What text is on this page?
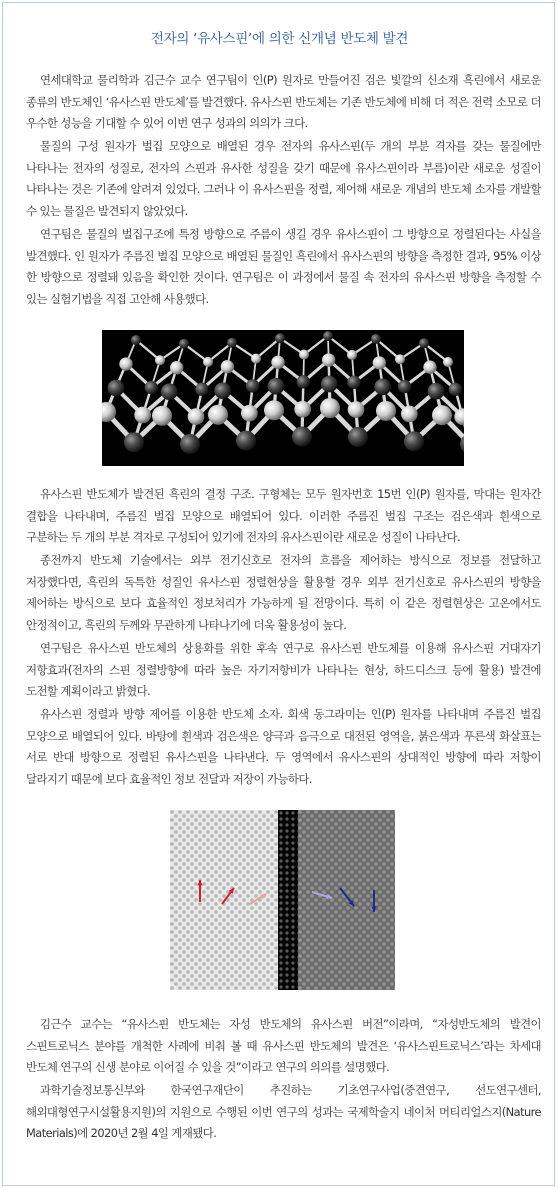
전자의 ‘유사스핀’에 의한 신개념 반도체 발견

연세대학교 물리학과 김근수 교수 연구팀이 인(P) 원자로 만들어진 검은 빛깔의 신소재 흑린에서 새로운 종류의 반도체인 ‘유사스핀 반도체’를 발견했다. 유사스핀 반도체는 기존 반도체에 비해 더 적은 전력 소모로 더 우수한 성능을 기대할 수 있어 이번 연구 성과의 의의가 크다.

물질의 구성 원자가 벌집 모양으로 배열된 경우 전자의 유사스핀(두 개의 부분 격자를 갖는 물질에만 나타나는 전자의 성질로, 전자의 스핀과 유사한 성질을 갖기 때문에 유사스핀이라 부름)이란 새로운 성질이 나타나는 것은 기존에 알려져 있었다. 그러나 이 유사스핀을 정렬, 제어해 새로운 개념의 반도체 소자를 개발할 수 있는 물질은 발견되지 않았었다.

연구팀은 물질의 벌집구조에 특정 방향으로 주름이 생길 경우 유사스핀이 그 방향으로 정렬된다는 사실을 발견했다. 인 원자가 주름진 벌집 모양으로 배열된 물질인 흑린에서 유사스핀의 방향을 측정한 결과, 95% 이상 한 방향으로 정렬돼 있음을 확인한 것이다. 연구팀은 이 과정에서 물질 속 전자의 유사스핀 방향을 측정할 수 있는 실험기법을 직접 고안해 사용했다.

유사스핀 반도체가 발견된 흑린의 결정 구조. 구형체는 모두 원자번호 15번 인(P) 원자를, 막대는 원자간 결합을 나타내며, 주름진 벌집 모양으로 배열되어 있다. 이러한 주름진 벌집 구조는 검은색과 흰색으로 구분하는 두 개의 부분 격자로 구성되어 있기에 전자의 유사스핀이란 새로운 성질이 나타난다.

종전까지 반도체 기술에서는 외부 전기신호로 전자의 흐름을 제어하는 방식으로 정보를 전달하고 저장했다면, 흑린의 독특한 성질인 유사스핀 정렬현상을 활용할 경우 외부 전기신호로 유사스핀의 방향을 제어하는 방식으로 보다 효율적인 정보처리가 가능하게 될 전망이다. 특히 이 같은 정렬현상은 고온에서도 안정적이고, 흑린의 두께와 무관하게 나타나기에 더욱 활용성이 높다.

연구팀은 유사스핀 반도체의 상용화를 위한 후속 연구로 유사스핀 반도체를 이용해 유사스핀 거대자기 저항효과(전자의 스핀 정렬방향에 따라 높은 자기저항비가 나타나는 현상, 하드디스크 등에 활용) 발견에 도전할 계획이라고 밝혔다.

유사스핀 정렬과 방향 제어를 이용한 반도체 소자. 회색 동그라미는 인(P) 원자를 나타내며 주름진 벌집 모양으로 배열되어 있다. 바탕에 흰색과 검은색은 양극과 음극으로 대전된 영역을, 붉은색과 푸른색 화살표는 서로 반대 방향으로 정렬된 유사스핀을 나타낸다. 두 영역에서 유사스핀의 상대적인 방향에 따라 저항이 달라지기 때문에 보다 효율적인 정보 전달과 저장이 가능하다.

김근수 교수는 “유사스핀 반도체는 자성 반도체의 유사스핀 버전”이라며, “자성반도체의 발견이 스핀트로닉스 분야를 개척한 사례에 비춰 볼 때 유사스핀 반도체의 발견은 ‘유사스핀트로닉스’라는 차세대 반도체 연구의 신생 분야로 이어질 수 있을 것”이라고 연구의 의의를 설명했다.

과학기술정보통신부와 한국연구재단이 추진하는 기초연구사업(중견연구, 선도연구센터, 해외대형연구시설활용지원)의 지원으로 수행된 이번 연구의 성과는 국제학술지 네이처 머티리얼스지(Nature Materials)에 2020년 2월 4일 게재됐다.
